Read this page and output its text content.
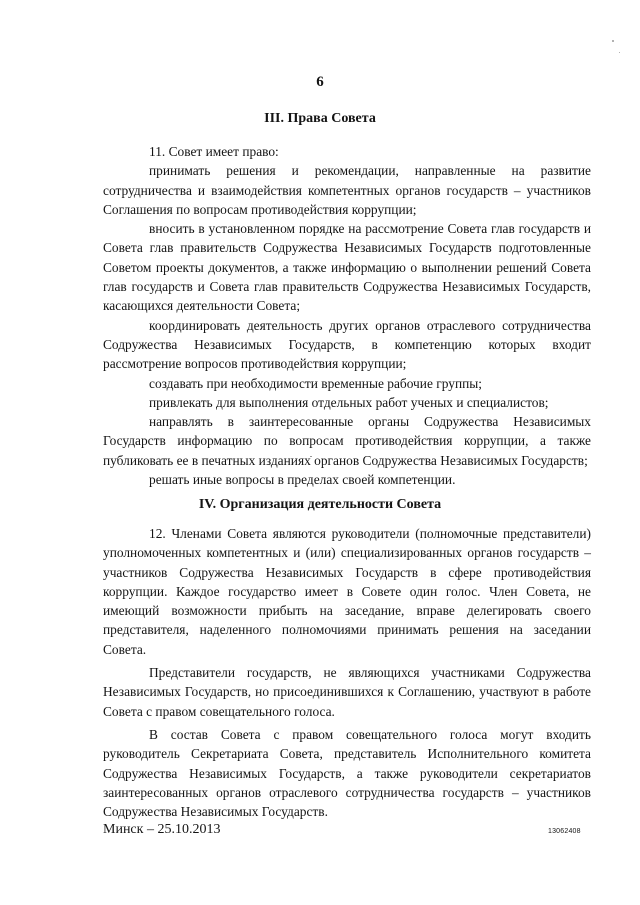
6
III. Права Совета

11. Совет имеет право:

принимать решения и рекомендации, направленные на развитие сотрудничества и взаимодействия компетентных органов государств – участников Соглашения по вопросам противодействия коррупции;

вносить в установленном порядке на рассмотрение Совета глав государств и Совета глав правительств Содружества Независимых Государств подготовленные Советом проекты документов, а также информацию о выполнении решений Совета глав государств и Совета глав правительств Содружества Независимых Государств, касающихся деятельности Совета;

координировать деятельность других органов отраслевого сотрудничества Содружества Независимых Государств, в компетенцию которых входит рассмотрение вопросов противодействия коррупции;

создавать при необходимости временные рабочие группы;

привлекать для выполнения отдельных работ ученых и специалистов;

направлять в заинтересованные органы Содружества Независимых Государств информацию по вопросам противодействия коррупции, а также публиковать ее в печатных изданиях органов Содружества Независимых Государств;

решать иные вопросы в пределах своей компетенции.

IV. Организация деятельности Совета

12. Членами Совета являются руководители (полномочные представители) уполномоченных компетентных и (или) специализированных органов государств – участников Содружества Независимых Государств в сфере противодействия коррупции. Каждое государство имеет в Совете один голос. Член Совета, не имеющий возможности прибыть на заседание, вправе делегировать своего представителя, наделенного полномочиями принимать решения на заседании Совета.

Представители государств, не являющихся участниками Содружества Независимых Государств, но присоединившихся к Соглашению, участвуют в работе Совета с правом совещательного голоса.

В состав Совета с правом совещательного голоса могут входить руководитель Секретариата Совета, представитель Исполнительного комитета Содружества Независимых Государств, а также руководители секретариатов заинтересованных органов отраслевого сотрудничества государств – участников Содружества Независимых Государств.

Минск – 25.10.2013	13062408
